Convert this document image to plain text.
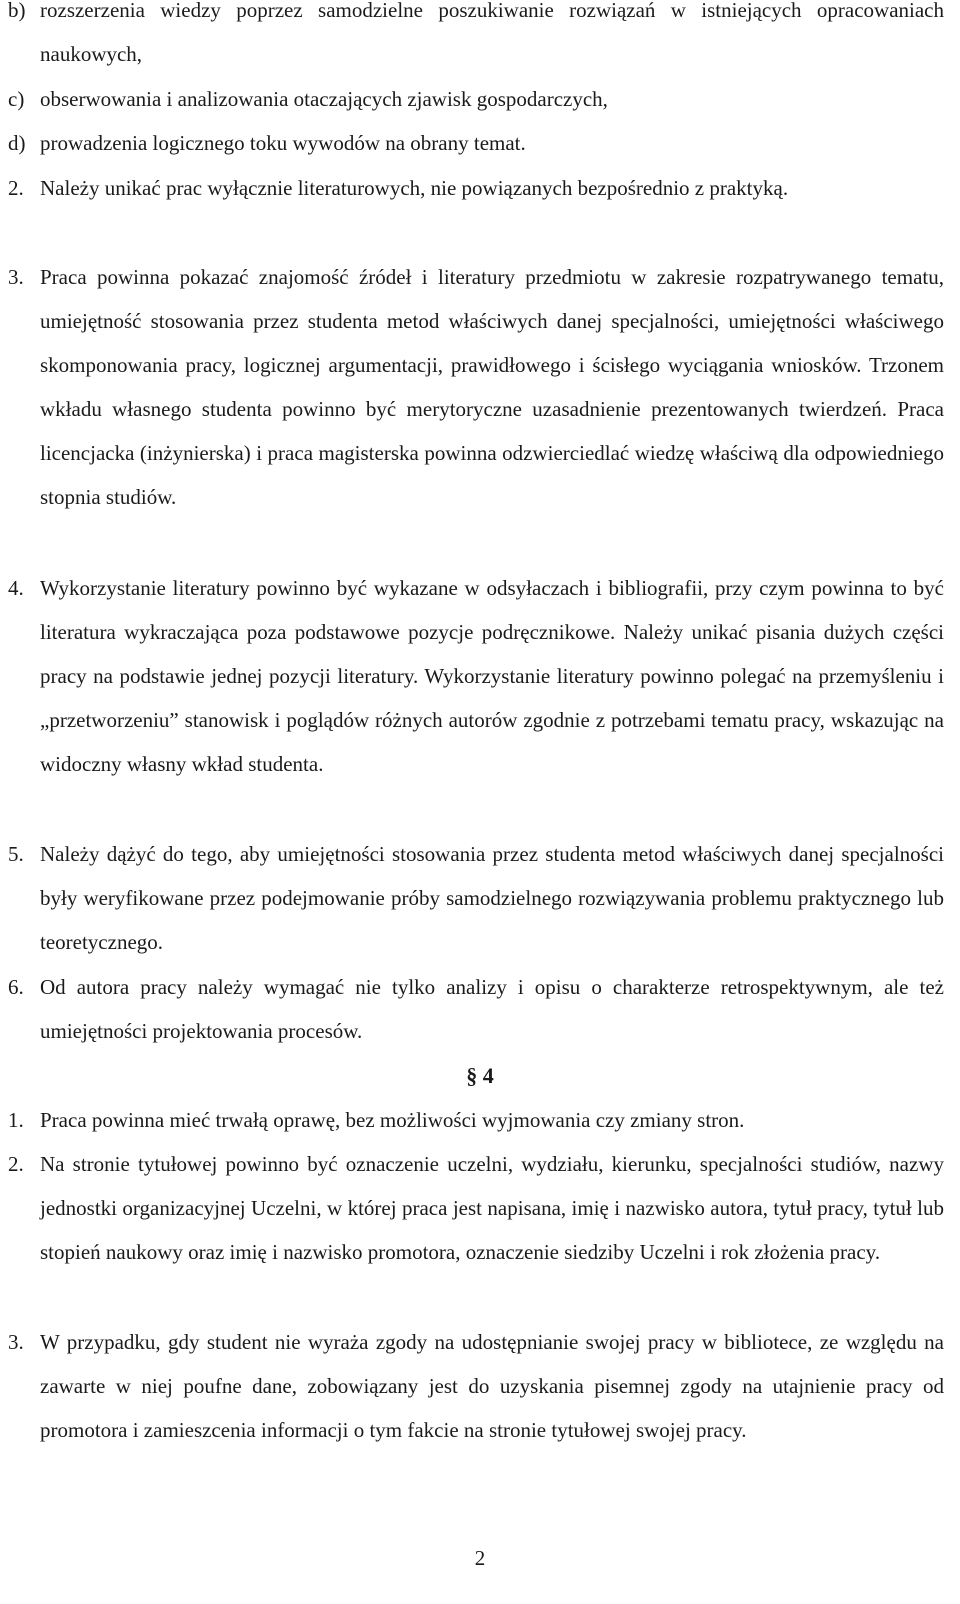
b) rozszerzenia wiedzy poprzez samodzielne poszukiwanie rozwiązań w istniejących opracowaniach naukowych,
c) obserwowania i analizowania otaczających zjawisk gospodarczych,
d) prowadzenia logicznego toku wywodów na obrany temat.
2. Należy unikać prac wyłącznie literaturowych, nie powiązanych bezpośrednio z praktyką.
3. Praca powinna pokazać znajomość źródeł i literatury przedmiotu w zakresie rozpatrywanego tematu, umiejętność stosowania przez studenta metod właściwych danej specjalności, umiejętności właściwego skomponowania pracy, logicznej argumentacji, prawidłowego i ścisłego wyciągania wniosków. Trzonem wkładu własnego studenta powinno być merytoryczne uzasadnienie prezentowanych twierdzeń. Praca licencjacka (inżynierska) i praca magisterska powinna odzwierciedlać wiedzę właściwą dla odpowiedniego stopnia studiów.
4. Wykorzystanie literatury powinno być wykazane w odsyłaczach i bibliografii, przy czym powinna to być literatura wykraczająca poza podstawowe pozycje podręcznikowe. Należy unikać pisania dużych części pracy na podstawie jednej pozycji literatury. Wykorzystanie literatury powinno polegać na przemyśleniu i „przetworzeniu” stanowisk i poglądów różnych autorów zgodnie z potrzebami tematu pracy, wskazując na widoczny własny wkład studenta.
5. Należy dążyć do tego, aby umiejętności stosowania przez studenta metod właściwych danej specjalności były weryfikowane przez podejmowanie próby samodzielnego rozwiązywania problemu praktycznego lub teoretycznego.
6. Od autora pracy należy wymagać nie tylko analizy i opisu o charakterze retrospektywnym, ale też umiejętności projektowania procesów.
§ 4
1. Praca powinna mieć trwałą oprawę, bez możliwości wyjmowania czy zmiany stron.
2. Na stronie tytułowej powinno być oznaczenie uczelni, wydziału, kierunku, specjalności studiów, nazwy jednostki organizacyjnej Uczelni, w której praca jest napisana, imię i nazwisko autora, tytuł pracy, tytuł lub stopień naukowy oraz imię i nazwisko promotora, oznaczenie siedziby Uczelni i rok złożenia pracy.
3. W przypadku, gdy student nie wyraża zgody na udostępnianie swojej pracy w bibliotece, ze względu na zawarte w niej poufne dane, zobowiązany jest do uzyskania pisemnej zgody na utajnienie pracy od promotora i zamieszcenia informacji o tym fakcie na stronie tytułowej swojej pracy.
2
